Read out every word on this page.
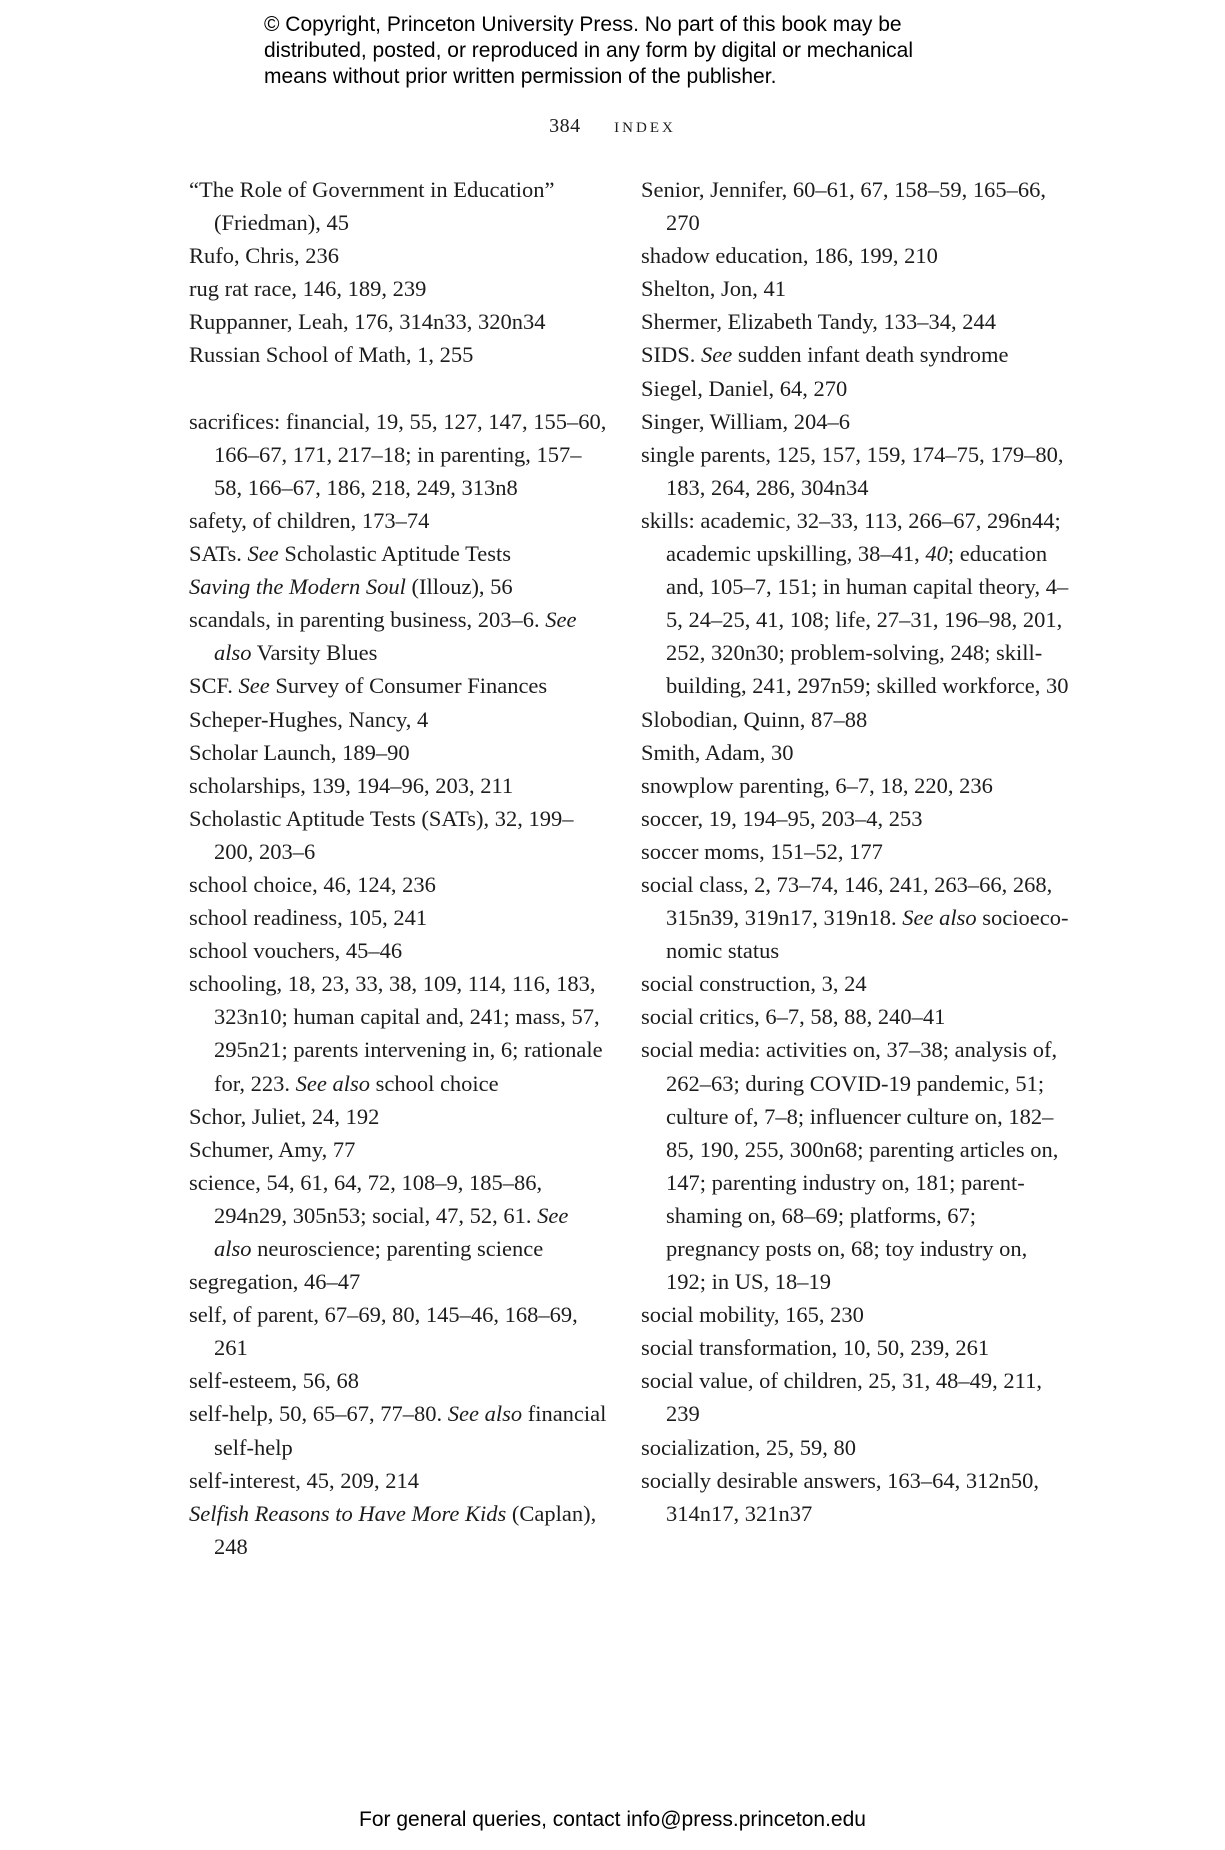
© Copyright, Princeton University Press. No part of this book may be
distributed, posted, or reproduced in any form by digital or mechanical
means without prior written permission of the publisher.
384 index
“The Role of Government in Education” (Friedman), 45
Rufo, Chris, 236
rug rat race, 146, 189, 239
Ruppanner, Leah, 176, 314n33, 320n34
Russian School of Math, 1, 255
sacrifices: financial, 19, 55, 127, 147, 155–60, 166–67, 171, 217–18; in parenting, 157–58, 166–67, 186, 218, 249, 313n8
safety, of children, 173–74
SATs. See Scholastic Aptitude Tests
Saving the Modern Soul (Illouz), 56
scandals, in parenting business, 203–6. See also Varsity Blues
SCF. See Survey of Consumer Finances
Scheper-Hughes, Nancy, 4
Scholar Launch, 189–90
scholarships, 139, 194–96, 203, 211
Scholastic Aptitude Tests (SATs), 32, 199–200, 203–6
school choice, 46, 124, 236
school readiness, 105, 241
school vouchers, 45–46
schooling, 18, 23, 33, 38, 109, 114, 116, 183, 323n10; human capital and, 241; mass, 57, 295n21; parents intervening in, 6; rationale for, 223. See also school choice
Schor, Juliet, 24, 192
Schumer, Amy, 77
science, 54, 61, 64, 72, 108–9, 185–86, 294n29, 305n53; social, 47, 52, 61. See also neuroscience; parenting science
segregation, 46–47
self, of parent, 67–69, 80, 145–46, 168–69, 261
self-esteem, 56, 68
self-help, 50, 65–67, 77–80. See also financial self-help
self-interest, 45, 209, 214
Selfish Reasons to Have More Kids (Caplan), 248
Senior, Jennifer, 60–61, 67, 158–59, 165–66, 270
shadow education, 186, 199, 210
Shelton, Jon, 41
Shermer, Elizabeth Tandy, 133–34, 244
SIDS. See sudden infant death syndrome
Siegel, Daniel, 64, 270
Singer, William, 204–6
single parents, 125, 157, 159, 174–75, 179–80, 183, 264, 286, 304n34
skills: academic, 32–33, 113, 266–67, 296n44; academic upskilling, 38–41, 40; education and, 105–7, 151; in human capital theory, 4–5, 24–25, 41, 108; life, 27–31, 196–98, 201, 252, 320n30; problem-solving, 248; skill-building, 241, 297n59; skilled workforce, 30
Slobodian, Quinn, 87–88
Smith, Adam, 30
snowplow parenting, 6–7, 18, 220, 236
soccer, 19, 194–95, 203–4, 253
soccer moms, 151–52, 177
social class, 2, 73–74, 146, 241, 263–66, 268, 315n39, 319n17, 319n18. See also socioeconomic status
social construction, 3, 24
social critics, 6–7, 58, 88, 240–41
social media: activities on, 37–38; analysis of, 262–63; during COVID-19 pandemic, 51; culture of, 7–8; influencer culture on, 182–85, 190, 255, 300n68; parenting articles on, 147; parenting industry on, 181; parent-shaming on, 68–69; platforms, 67; pregnancy posts on, 68; toy industry on, 192; in US, 18–19
social mobility, 165, 230
social transformation, 10, 50, 239, 261
social value, of children, 25, 31, 48–49, 211, 239
socialization, 25, 59, 80
socially desirable answers, 163–64, 312n50, 314n17, 321n37
For general queries, contact info@press.princeton.edu
